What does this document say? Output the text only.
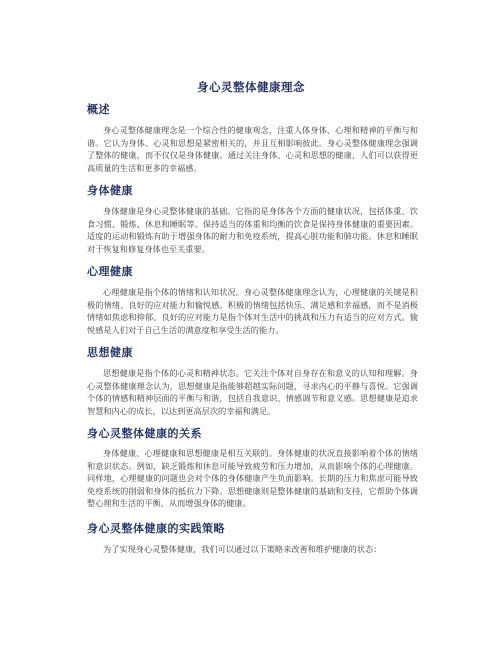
身心灵整体健康理念
概述

身心灵整体健康理念是一个综合性的健康观念，注重人体身体、心理和精神的平衡与和谐。它认为身体、心灵和思想是紧密相关的，并且互相影响彼此。身心灵整体健康理念强调了整体的健康，而不仅仅是身体健康。通过关注身体、心灵和思想的健康，人们可以获得更高质量的生活和更多的幸福感。

身体健康

身体健康是身心灵整体健康的基础。它指的是身体各个方面的健康状况，包括体重、饮食习惯、锻炼、休息和睡眠等。保持适当的体重和均衡的饮食是保持身体健康的重要因素。适度的运动和锻炼有助于增强身体的耐力和免疫系统，提高心脏功能和肺功能。休息和睡眠对于恢复和修复身体也至关重要。

心理健康

心理健康是指个体的情绪和认知状况。身心灵整体健康理念认为，心理健康的关键是积极的情绪、良好的应对能力和愉悦感。积极的情绪包括快乐、满足感和幸福感，而不是消极情绪如焦虑和抑郁。良好的应对能力是指个体对生活中的挑战和压力有适当的应对方式。愉悦感是人们对于自己生活的满意度和享受生活的能力。

思想健康

思想健康是指个体的心灵和精神状态。它关注个体对自身存在和意义的认知和理解。身心灵整体健康理念认为，思想健康是指能够超越实际问题，寻求内心的平静与喜悦。它强调个体的情感和精神层面的平衡与和谐，包括自我意识、情感调节和意义感。思想健康是追求智慧和内心的成长，以达到更高层次的幸福和满足。

身心灵整体健康的关系

身体健康、心理健康和思想健康是相互关联的。身体健康的状况直接影响着个体的情绪和意识状态。例如，缺乏锻炼和休息可能导致疲劳和压力增加，从而影响个体的心理健康。同样地，心理健康的问题也会对个体的身体健康产生负面影响。长期的压力和焦虑可能导致免疫系统的削弱和身体的抵抗力下降。思想健康则是整体健康的基础和支持，它帮助个体调整心理和生活的平衡，从而增强身体的健康。

身心灵整体健康的实践策略

为了实现身心灵整体健康，我们可以通过以下策略来改善和维护健康的状态：
